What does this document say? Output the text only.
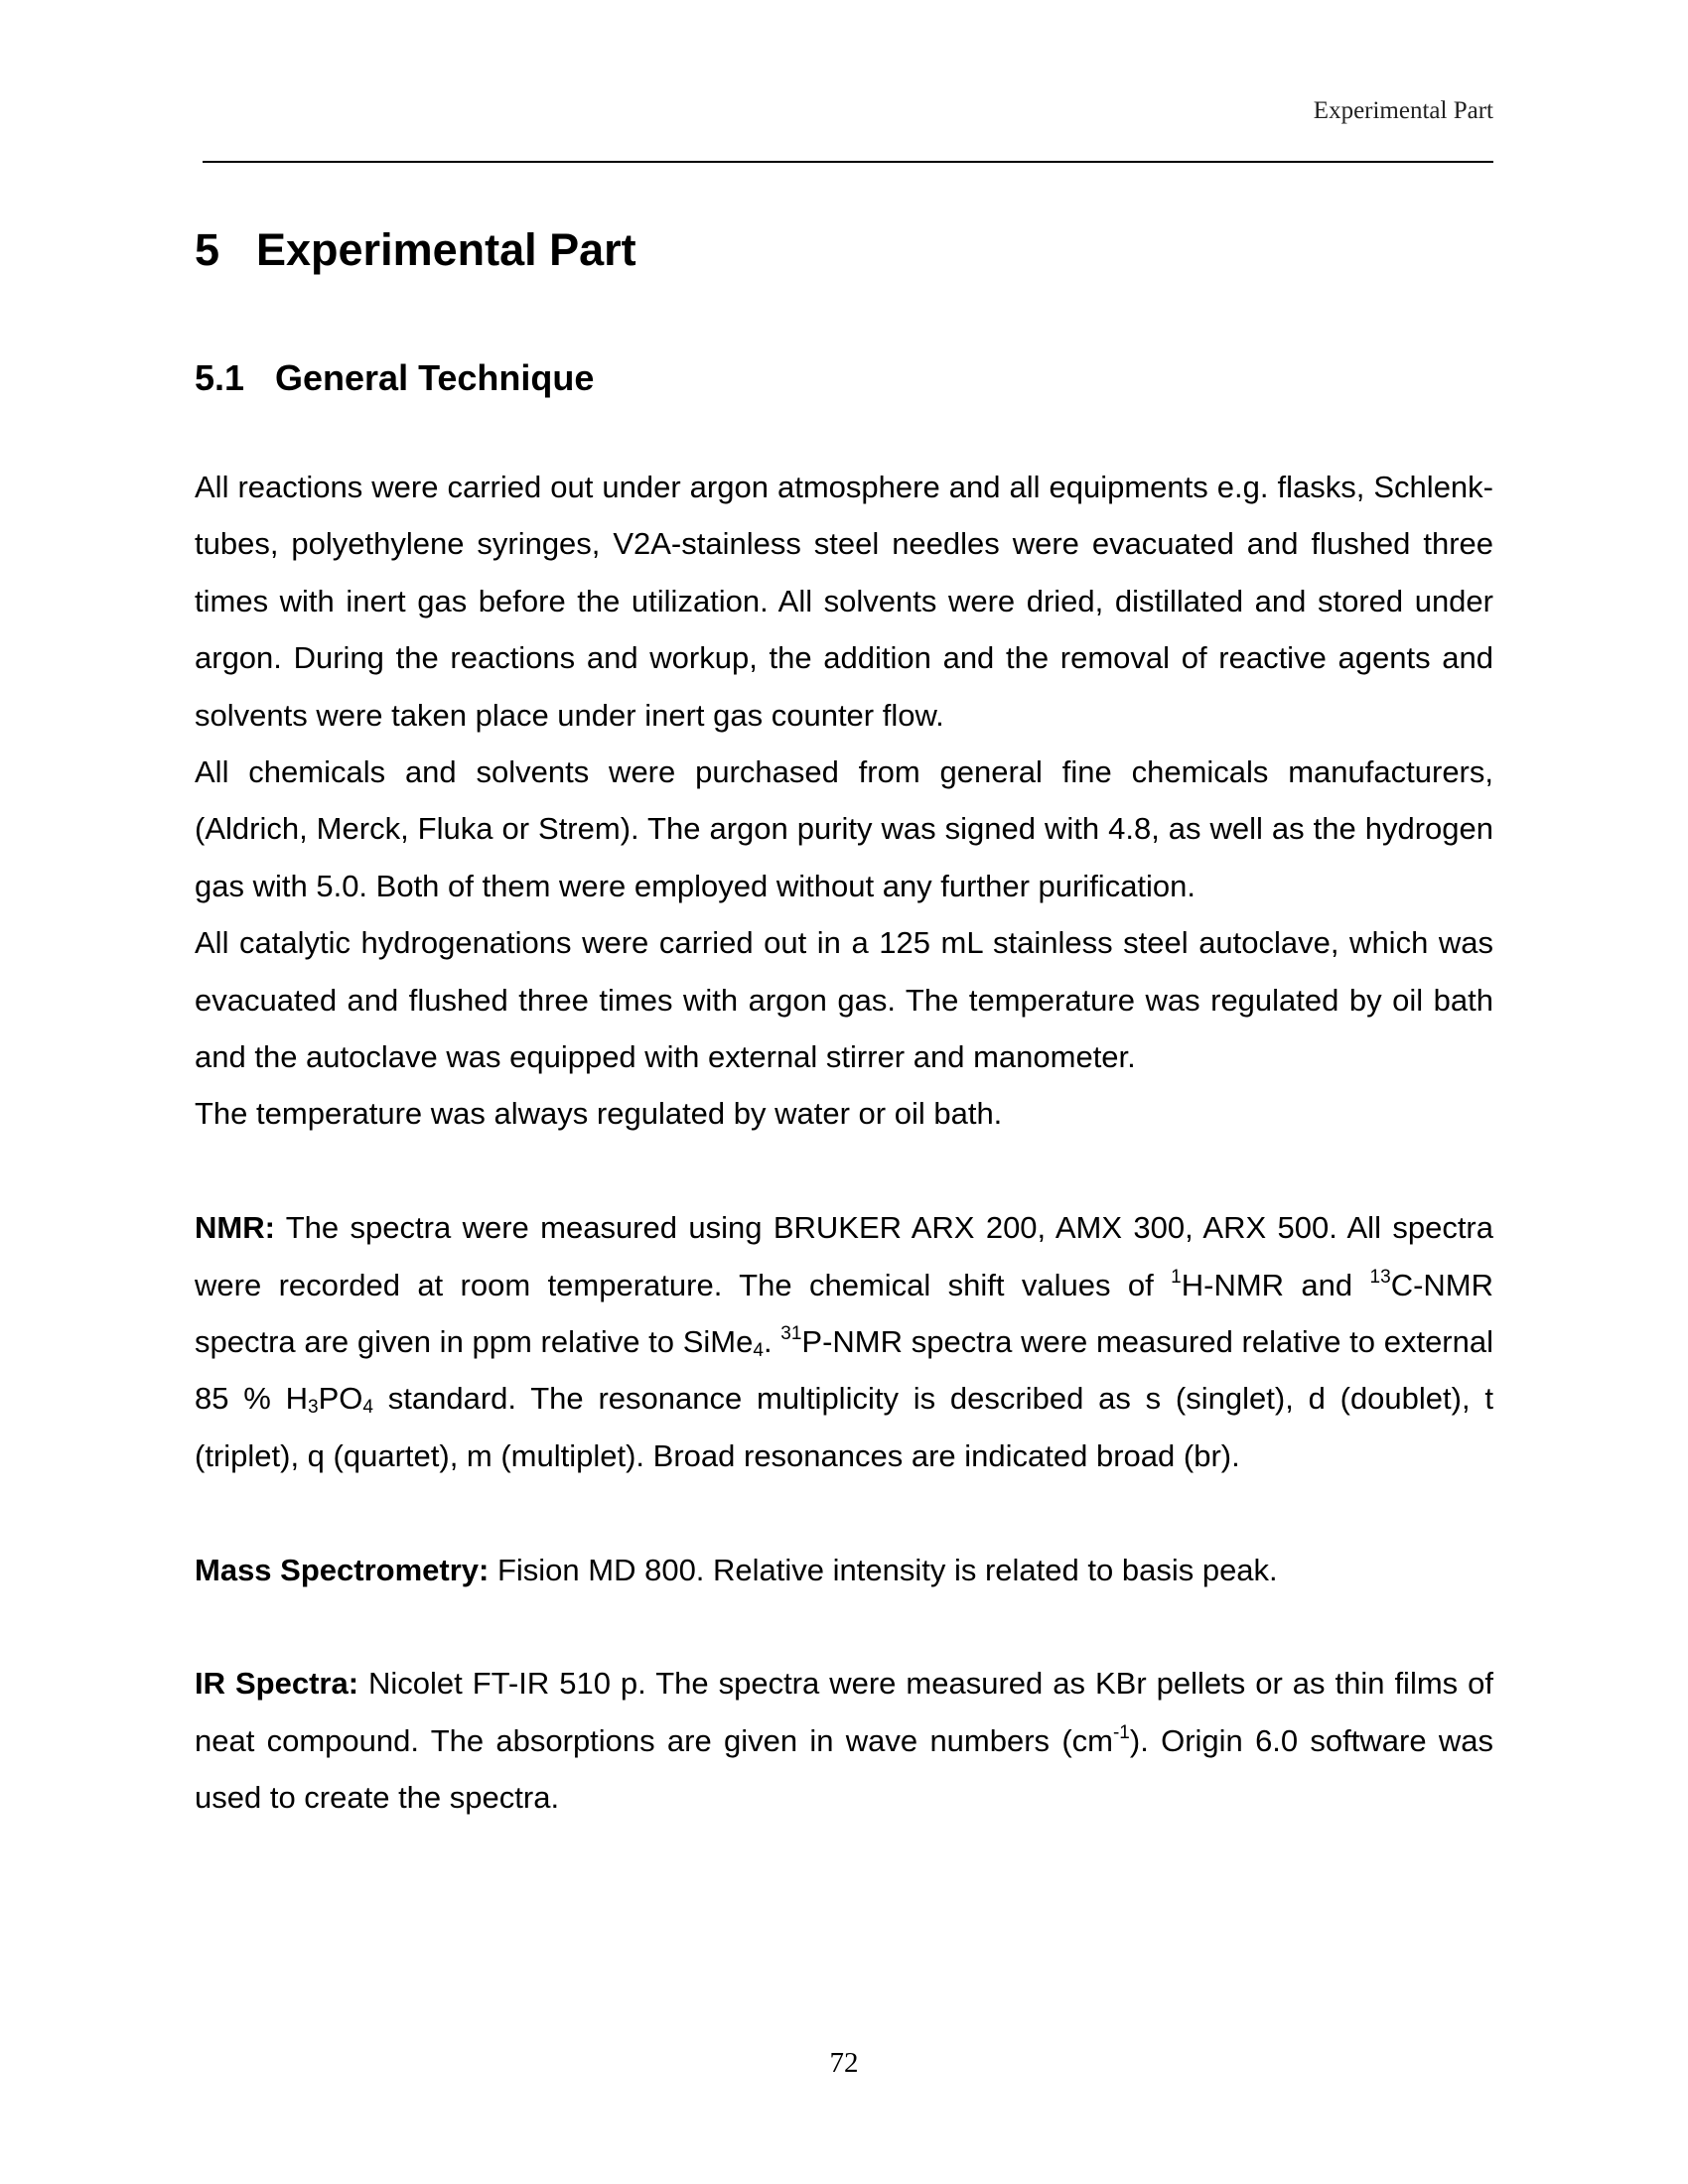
Experimental Part
5 Experimental Part
5.1 General Technique

All reactions were carried out under argon atmosphere and all equipments e.g. flasks, Schlenk-tubes, polyethylene syringes, V2A-stainless steel needles were evacuated and flushed three times with inert gas before the utilization. All solvents were dried, distillated and stored under argon. During the reactions and workup, the addition and the removal of reactive agents and solvents were taken place under inert gas counter flow.

All chemicals and solvents were purchased from general fine chemicals manufacturers, (Aldrich, Merck, Fluka or Strem). The argon purity was signed with 4.8, as well as the hydrogen gas with 5.0. Both of them were employed without any further purification.

All catalytic hydrogenations were carried out in a 125 mL stainless steel autoclave, which was evacuated and flushed three times with argon gas. The temperature was regulated by oil bath and the autoclave was equipped with external stirrer and manometer.

The temperature was always regulated by water or oil bath.

NMR: The spectra were measured using BRUKER ARX 200, AMX 300, ARX 500. All spectra were recorded at room temperature. The chemical shift values of $^1$H-NMR and $^{13}$C-NMR spectra are given in ppm relative to SiMe$_4$. $^{31}$P-NMR spectra were measured relative to external 85 % $H_3PO_4$ standard. The resonance multiplicity is described as s (singlet), d (doublet), t (triplet), q (quartet), m (multiplet). Broad resonances are indicated broad (br).

Mass Spectrometry: Fision MD 800. Relative intensity is related to basis peak.

IR Spectra: Nicolet FT-IR 510 p. The spectra were measured as KBr pellets or as thin films of neat compound. The absorptions are given in wave numbers $(cm^{-1})$. Origin 6.0 software was used to create the spectra.

72
